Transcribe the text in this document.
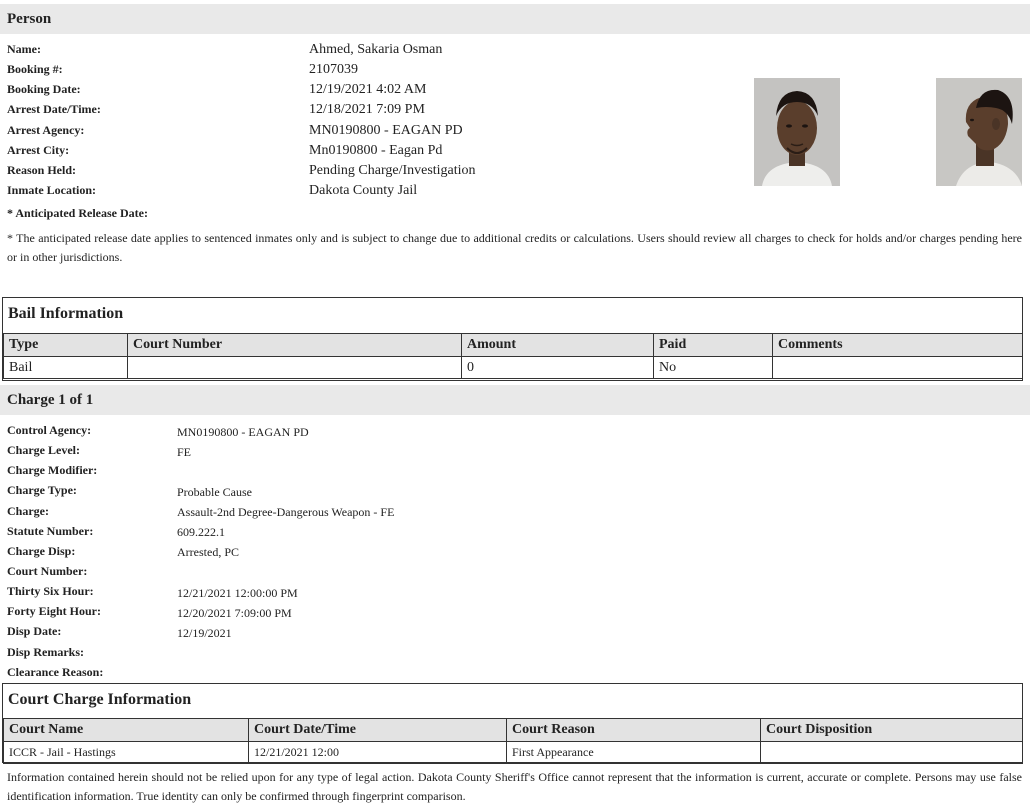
Person
Name:	Ahmed, Sakaria Osman
Booking #:	2107039
Booking Date:	12/19/2021 4:02 AM
Arrest Date/Time:	12/18/2021 7:09 PM
Arrest Agency:	MN0190800 - EAGAN PD
Arrest City:	Mn0190800 - Eagan Pd
Reason Held:	Pending Charge/Investigation
Inmate Location:	Dakota County Jail
* Anticipated Release Date:
* The anticipated release date applies to sentenced inmates only and is subject to change due to additional credits or calculations. Users should review all charges to check for holds and/or charges pending here or in other jurisdictions.
Bail Information
Type	Court Number	Amount	Paid	Comments
Bail		0	No	
Charge 1 of 1
Control Agency:	MN0190800 - EAGAN PD
Charge Level:	FE
Charge Modifier:
Charge Type:	Probable Cause
Charge:	Assault-2nd Degree-Dangerous Weapon - FE
Statute Number:	609.222.1
Charge Disp:	Arrested, PC
Court Number:
Thirty Six Hour:	12/21/2021 12:00:00 PM
Forty Eight Hour:	12/20/2021 7:09:00 PM
Disp Date:	12/19/2021
Disp Remarks:
Clearance Reason:
Court Charge Information
Court Name	Court Date/Time	Court Reason	Court Disposition
ICCR - Jail - Hastings	12/21/2021 12:00	First Appearance	
Information contained herein should not be relied upon for any type of legal action. Dakota County Sheriff's Office cannot represent that the information is current, accurate or complete. Persons may use false identification information. True identity can only be confirmed through fingerprint comparison.
